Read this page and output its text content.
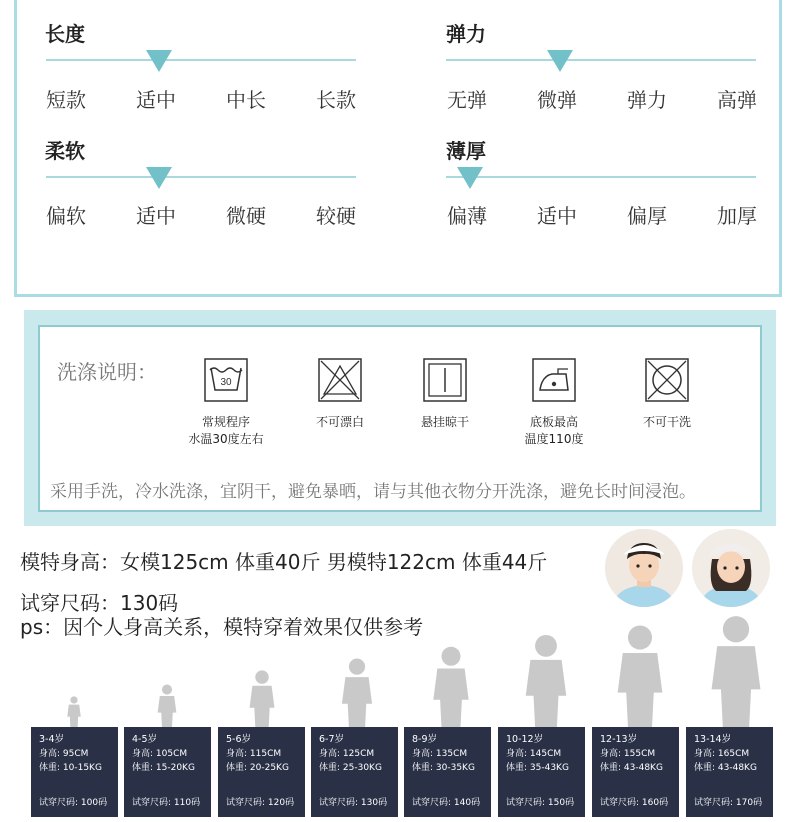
长度
短款	适中	中长	长款
弹力
无弹	微弹	弹力	高弹
柔软
偏软	适中	微硬	较硬
薄厚
偏薄	适中	偏厚	加厚
洗涤说明：	30
常规程序
水温30度左右
不可漂白	悬挂晾干	底板最高
温度110度
不可干洗
采用手洗，冷水洗涤，宜阴干，避免暴晒，请与其他衣物分开洗涤，避免长时间浸泡。
模特身高：女模125cm 体重40斤 男模特122cm 体重44斤
试穿尺码：130码
ps：因个人身高关系，模特穿着效果仅供参考
3-4岁
身高: 95CM
体重: 10-15KG
试穿尺码: 100码
4-5岁
身高: 105CM
体重: 15-20KG
试穿尺码: 110码
5-6岁
身高: 115CM
体重: 20-25KG
试穿尺码: 120码
6-7岁
身高: 125CM
体重: 25-30KG
试穿尺码: 130码
8-9岁
身高: 135CM
体重: 30-35KG
试穿尺码: 140码
10-12岁
身高: 145CM
体重: 35-43KG
试穿尺码: 150码
12-13岁
身高: 155CM
体重: 43-48KG
试穿尺码: 160码
13-14岁
身高: 165CM
体重: 43-48KG
试穿尺码: 170码
